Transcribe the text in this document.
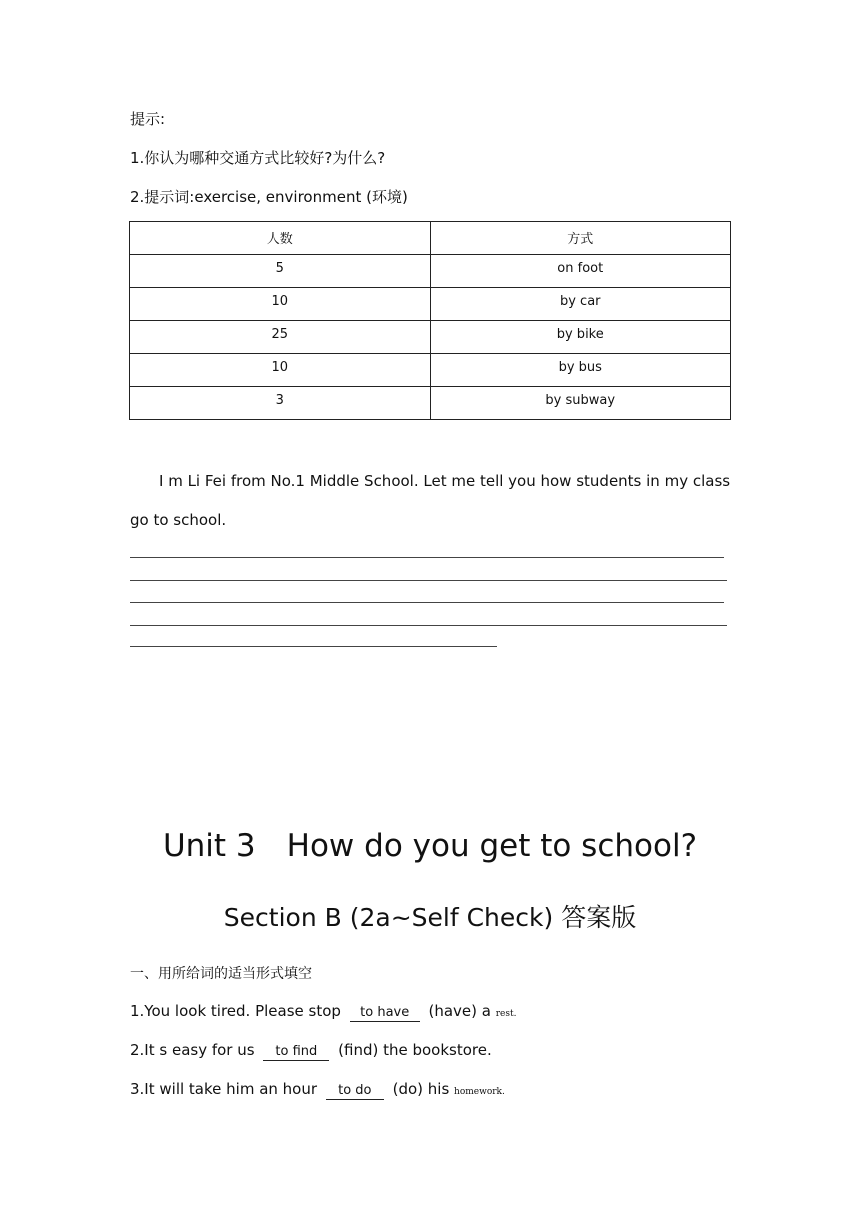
提示:
1.你认为哪种交通方式比较好?为什么?
2.提示词:exercise, environment (环境)
人数	方式
5	on foot
10	by car
25	by bike
10	by bus
3	by subway
I m Li Fei from No.1 Middle School. Let me tell you how students in my class go to school.
Unit 3　How do you get to school?
Section B (2a~Self Check) 答案版
一、用所给词的适当形式填空
1.You look tired. Please stop to have (have) a rest.
2.It s easy for us to find (find) the bookstore.
3.It will take him an hour to do (do) his homework.
